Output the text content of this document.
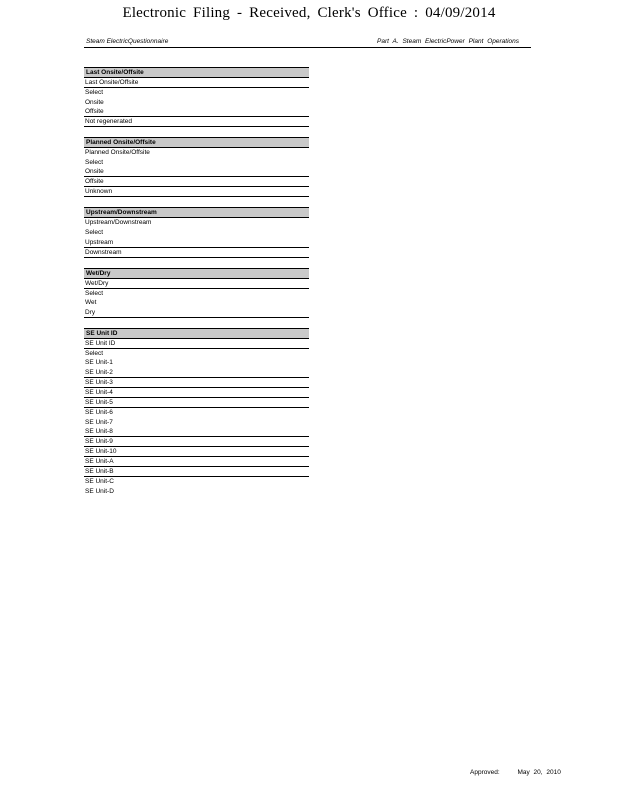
Electronic Filing - Received, Clerk's Office : 04/09/2014
Steam ElectricQuestionnaire	Part A. Steam ElectricPower Plant Operations
Last Onsite/Offsite
Last Onsite/Offsite
Select
Onsite
Offsite
Not regenerated
Planned Onsite/Offsite
Planned Onsite/Offsite
Select
Onsite
Offsite
Unknown
Upstream/Downstream
Upstream/Downstream
Select
Upstream
Downstream
Wet/Dry
Wet/Dry
Select
Wet
Dry
SE Unit ID
SE Unit ID
Select
SE Unit-1
SE Unit-2
SE Unit-3
SE Unit-4
SE Unit-5
SE Unit-6
SE Unit-7
SE Unit-8
SE Unit-9
SE Unit-10
SE Unit-A
SE Unit-B
SE Unit-C
SE Unit-D
Approved:	May 20, 2010
